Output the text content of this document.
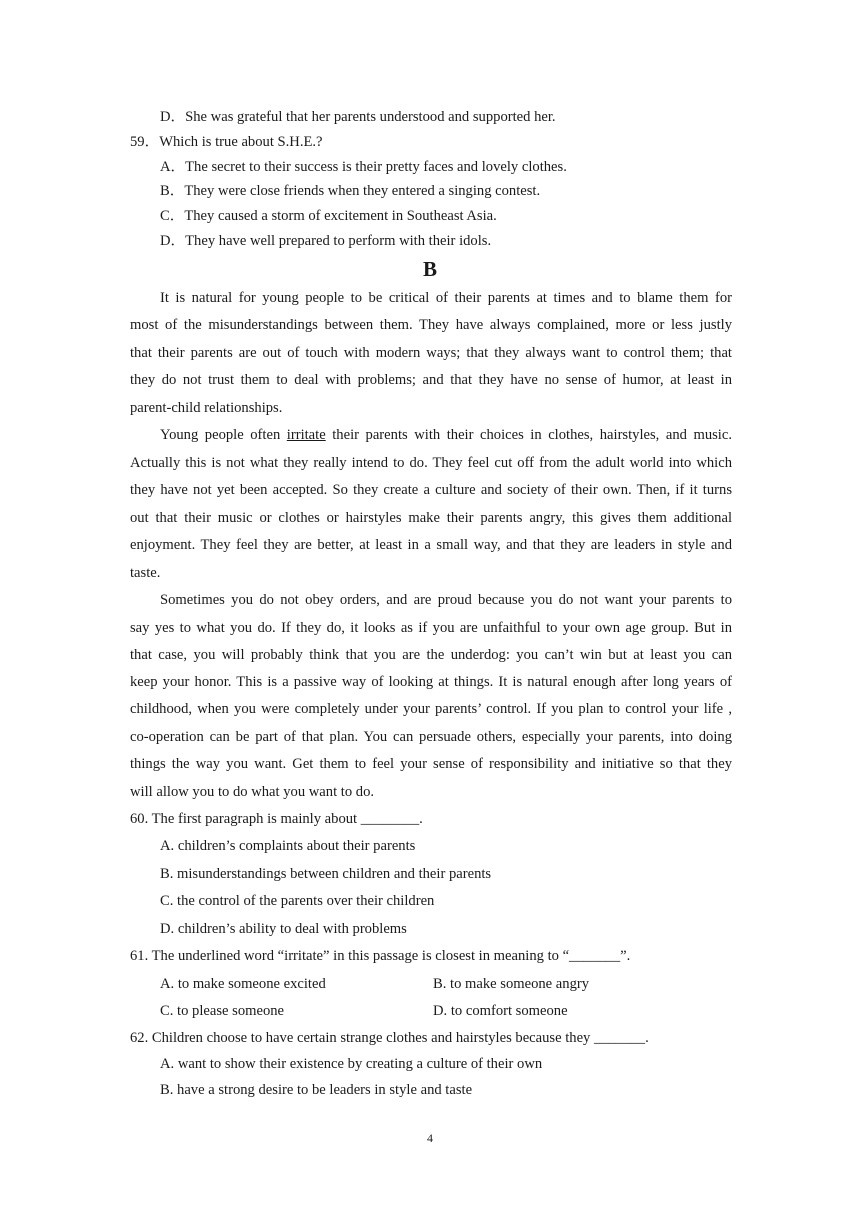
D．She was grateful that her parents understood and supported her.
59．Which is true about S.H.E.?
A．The secret to their success is their pretty faces and lovely clothes.
B．They were close friends when they entered a singing contest.
C．They caused a storm of excitement in Southeast Asia.
D．They have well prepared to perform with their idols.
B
It is natural for young people to be critical of their parents at times and to blame them for
most of the misunderstandings between them. They have always complained, more or less justly
that their parents are out of touch with modern ways; that they always want to control them; that
they do not trust them to deal with problems; and that they have no sense of humor, at least in
parent-child relationships.
Young people often irritate their parents with their choices in clothes, hairstyles, and music.
Actually this is not what they really intend to do. They feel cut off from the adult world into which
they have not yet been accepted. So they create a culture and society of their own. Then, if it turns
out that their music or clothes or hairstyles make their parents angry, this gives them additional
enjoyment. They feel they are better, at least in a small way, and that they are leaders in style and
taste.
Sometimes you do not obey orders, and are proud because you do not want your parents to
say yes to what you do. If they do, it looks as if you are unfaithful to your own age group. But in
that case, you will probably think that you are the underdog: you can’t win but at least you can
keep your honor. This is a passive way of looking at things. It is natural enough after long years of
childhood, when you were completely under your parents’ control. If you plan to control your life ,
co-operation can be part of that plan. You can persuade others, especially your parents, into doing
things the way you want. Get them to feel your sense of responsibility and initiative so that they
will allow you to do what you want to do.
60. The first paragraph is mainly about ________.
A. children’s complaints about their parents
B. misunderstandings between children and their parents
C. the control of the parents over their children
D. children’s ability to deal with problems
61. The underlined word “irritate” in this passage is closest in meaning to “_______”.
A. to make someone excited	B. to make someone angry
C. to please someone	D. to comfort someone
62. Children choose to have certain strange clothes and hairstyles because they _______.
A. want to show their existence by creating a culture of their own
B. have a strong desire to be leaders in style and taste
4
